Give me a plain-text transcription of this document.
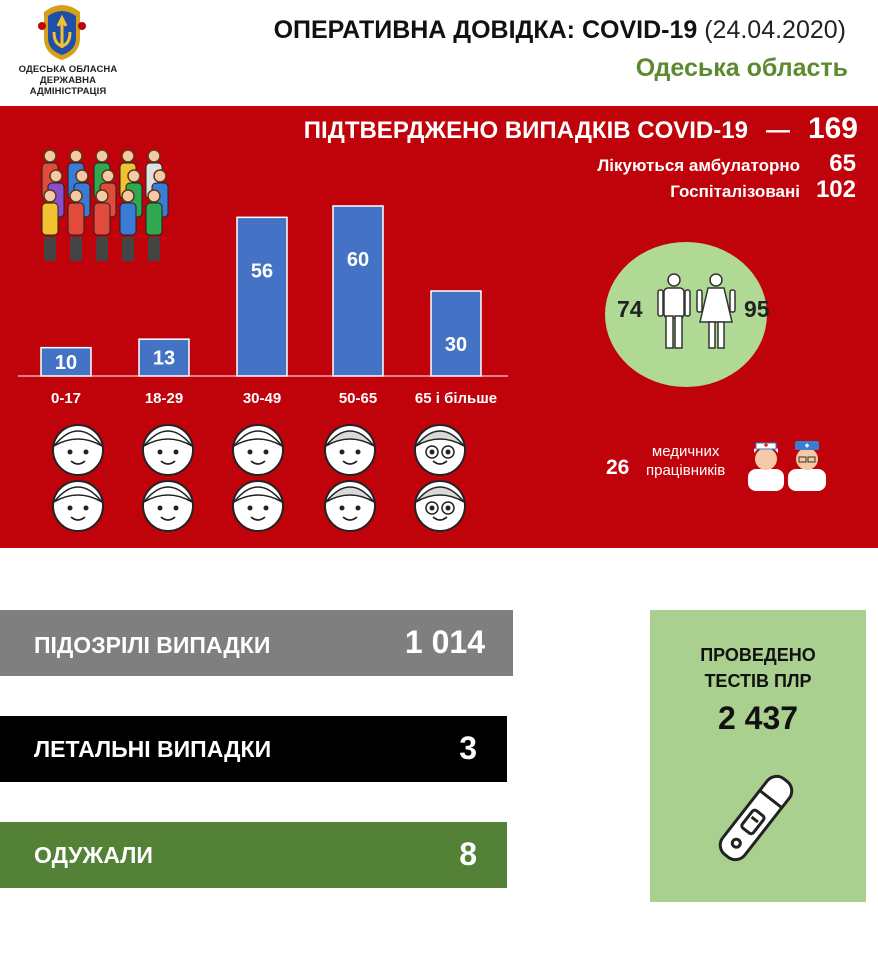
ОДЕСЬКА ОБЛАСНА
ДЕРЖАВНА
АДМІНІСТРАЦІЯ
ОПЕРАТИВНА ДОВІДКА: COVID-19 (24.04.2020)
Одеська область
ПІДТВЕРДЖЕНО ВИПАДКІВ COVID-19 — 169
Лікуються амбулаторно 65
Госпіталізовані 102
10
0-17
13
18-29
56
30-49
60
50-65
30
65 і більше
74	95
26
медичних
працівників
ПІДОЗРІЛІ ВИПАДКИ	1 014
ЛЕТАЛЬНІ ВИПАДКИ	3
ОДУЖАЛИ	8
ПРОВЕДЕНО
ТЕСТІВ ПЛР
2 437
